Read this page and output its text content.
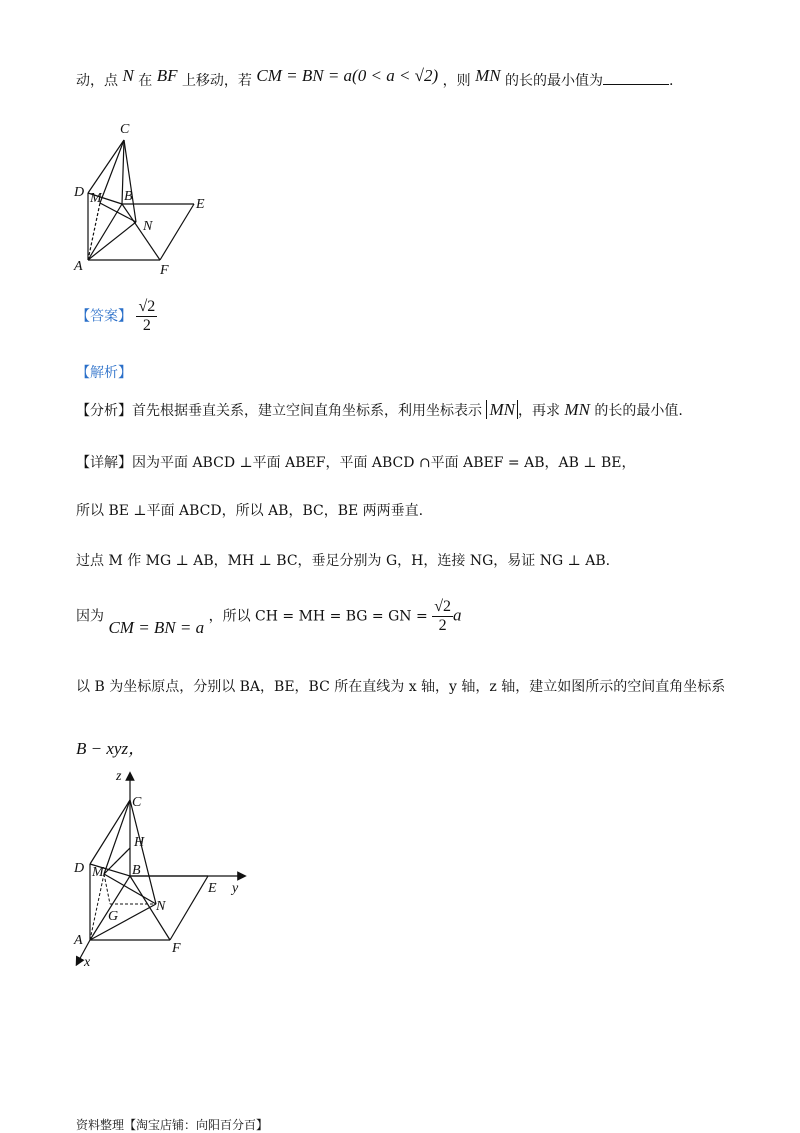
动，点 N 在 BF 上移动，若 CM = BN = a(0 < a < √2) ，则 MN 的长的最小值为	.
C
D M B
E
N
A	F
【答案】 $\frac{√2}{2}$
【解析】
【分析】首先根据垂直关系，建立空间直角坐标系，利用坐标表示 MN ，再求 MN 的长的最小值.
【详解】因为平面 ABCD ⊥平面 ABEF，平面 ABCD ∩平面 ABEF = AB，AB ⊥ BE，
所以 BE ⊥平面 ABCD，所以 AB，BC，BE 两两垂直.
过点 M 作 MG ⊥ AB，MH ⊥ BC，垂足分别为 G，H，连接 NG，易证 NG ⊥ AB.
因为 CM = BN = a ，所以 CH = MH = BG = GN = $\frac{√2}{2}$ a
以 B 为坐标原点，分别以 BA，BE，BC 所在直线为 x 轴，y 轴，z 轴，建立如图所示的空间直角坐标系
B − xyz，
z
C
H
D M B
E y
N
G
A
F
x
资料整理【淘宝店铺：向阳百分百】
